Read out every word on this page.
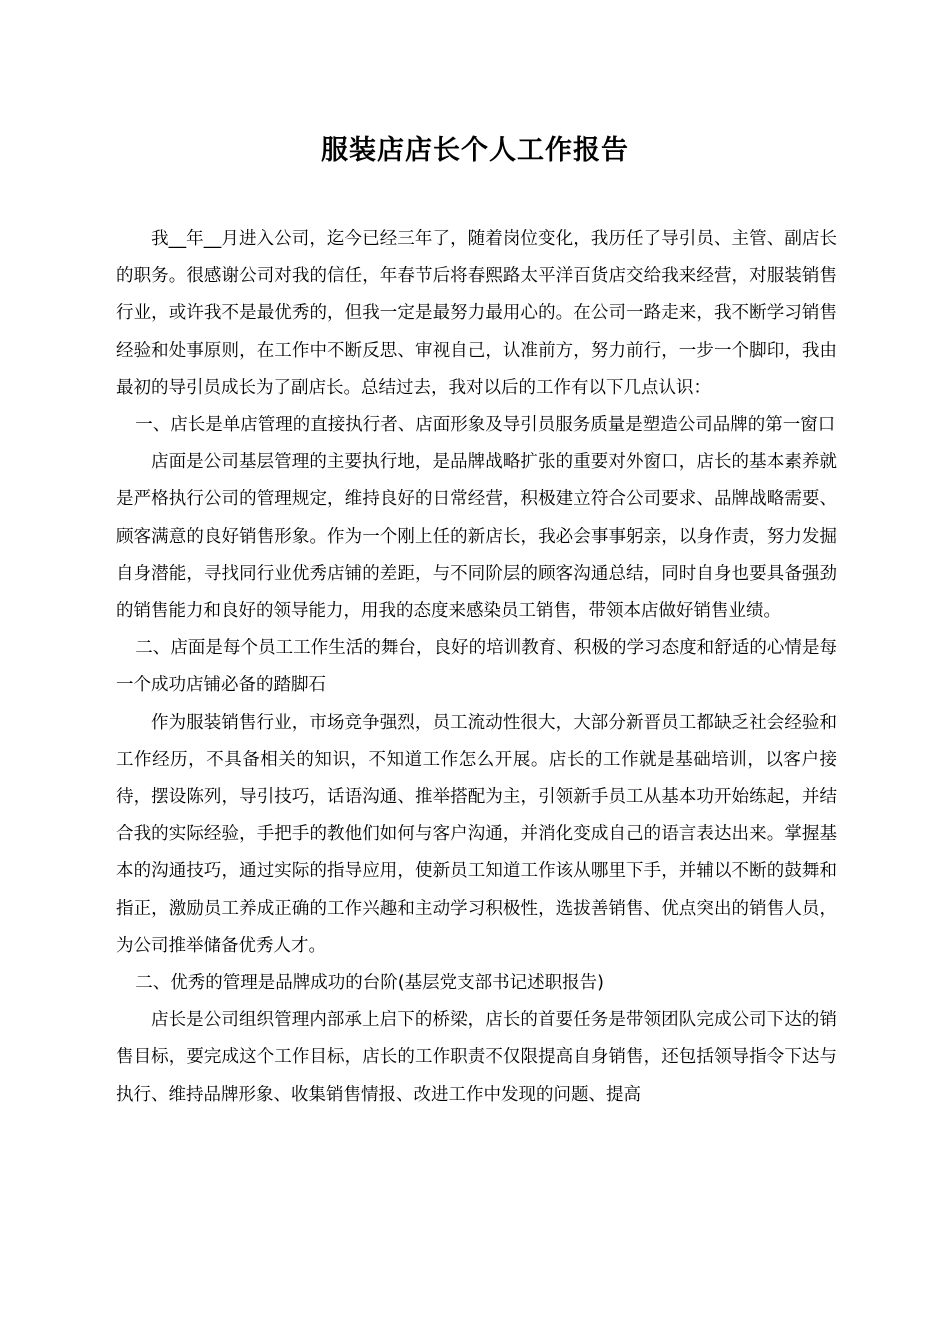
服装店店长个人工作报告

我__年__月进入公司，迄今已经三年了，随着岗位变化，我历任了导引员、主管、副店长的职务。很感谢公司对我的信任，年春节后将春熙路太平洋百货店交给我来经营，对服装销售行业，或许我不是最优秀的，但我一定是最努力最用心的。在公司一路走来，我不断学习销售经验和处事原则，在工作中不断反思、审视自己，认准前方，努力前行，一步一个脚印，我由最初的导引员成长为了副店长。总结过去，我对以后的工作有以下几点认识：

一、店长是单店管理的直接执行者、店面形象及导引员服务质量是塑造公司品牌的第一窗口

店面是公司基层管理的主要执行地，是品牌战略扩张的重要对外窗口，店长的基本素养就是严格执行公司的管理规定，维持良好的日常经营，积极建立符合公司要求、品牌战略需要、顾客满意的良好销售形象。作为一个刚上任的新店长，我必会事事躬亲，以身作责，努力发掘自身潜能，寻找同行业优秀店铺的差距，与不同阶层的顾客沟通总结，同时自身也要具备强劲的销售能力和良好的领导能力，用我的态度来感染员工销售，带领本店做好销售业绩。

二、店面是每个员工工作生活的舞台，良好的培训教育、积极的学习态度和舒适的心情是每一个成功店铺必备的踏脚石

作为服装销售行业，市场竞争强烈，员工流动性很大，大部分新晋员工都缺乏社会经验和工作经历，不具备相关的知识，不知道工作怎么开展。店长的工作就是基础培训，以客户接待，摆设陈列，导引技巧，话语沟通、推举搭配为主，引领新手员工从基本功开始练起，并结合我的实际经验，手把手的教他们如何与客户沟通，并消化变成自己的语言表达出来。掌握基本的沟通技巧，通过实际的指导应用，使新员工知道工作该从哪里下手，并辅以不断的鼓舞和指正，激励员工养成正确的工作兴趣和主动学习积极性，选拔善销售、优点突出的销售人员，为公司推举储备优秀人才。

二、优秀的管理是品牌成功的台阶(基层党支部书记述职报告)

店长是公司组织管理内部承上启下的桥梁，店长的首要任务是带领团队完成公司下达的销售目标，要完成这个工作目标，店长的工作职责不仅限提高自身销售，还包括领导指令下达与执行、维持品牌形象、收集销售情报、改进工作中发现的问题、提高
